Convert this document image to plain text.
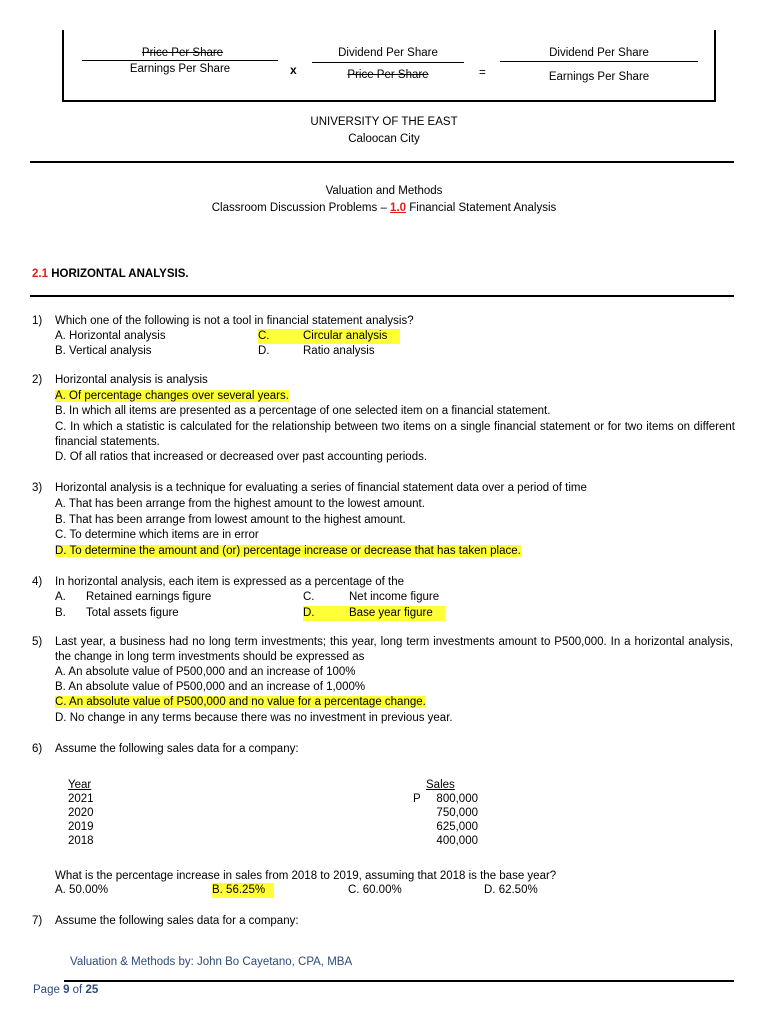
Price Per Share
Earnings Per Share	x
Dividend Per Share
Price Per Share	=
Dividend Per Share
Earnings Per Share
UNIVERSITY OF THE EAST
Caloocan City
Valuation and Methods
Classroom Discussion Problems – 1.0 Financial Statement Analysis
2.1 HORIZONTAL ANALYSIS.
1) Which one of the following is not a tool in financial statement analysis?
A. Horizontal analysis	C.	Circular analysis
B. Vertical analysis	D.	Ratio analysis
2) Horizontal analysis is analysis
A. Of percentage changes over several years.
B. In which all items are presented as a percentage of one selected item on a financial statement.
C. In which a statistic is calculated for the relationship between two items on a single financial statement or for two items on different financial statements.
D. Of all ratios that increased or decreased over past accounting periods.
3) Horizontal analysis is a technique for evaluating a series of financial statement data over a period of time
A. That has been arrange from the highest amount to the lowest amount.
B. That has been arrange from lowest amount to the highest amount.
C. To determine which items are in error
D. To determine the amount and (or) percentage increase or decrease that has taken place.
4) In horizontal analysis, each item is expressed as a percentage of the
A. Retained earnings figure	C.	Net income figure
B. Total assets figure	D.	Base year figure
5) Last year, a business had no long term investments; this year, long term investments amount to P500,000. In a horizontal analysis, the change in long term investments should be expressed as
A. An absolute value of P500,000 and an increase of 100%
B. An absolute value of P500,000 and an increase of 1,000%
C. An absolute value of P500,000 and no value for a percentage change.
D. No change in any terms because there was no investment in previous year.
6) Assume the following sales data for a company:
Year	Sales
2021	P	800,000
2020	750,000
2019	625,000
2018	400,000
What is the percentage increase in sales from 2018 to 2019, assuming that 2018 is the base year?
A. 50.00%	B. 56.25%	C. 60.00%	D. 62.50%
7) Assume the following sales data for a company:
Valuation & Methods by: John Bo Cayetano, CPA, MBA
Page 9 of 25
